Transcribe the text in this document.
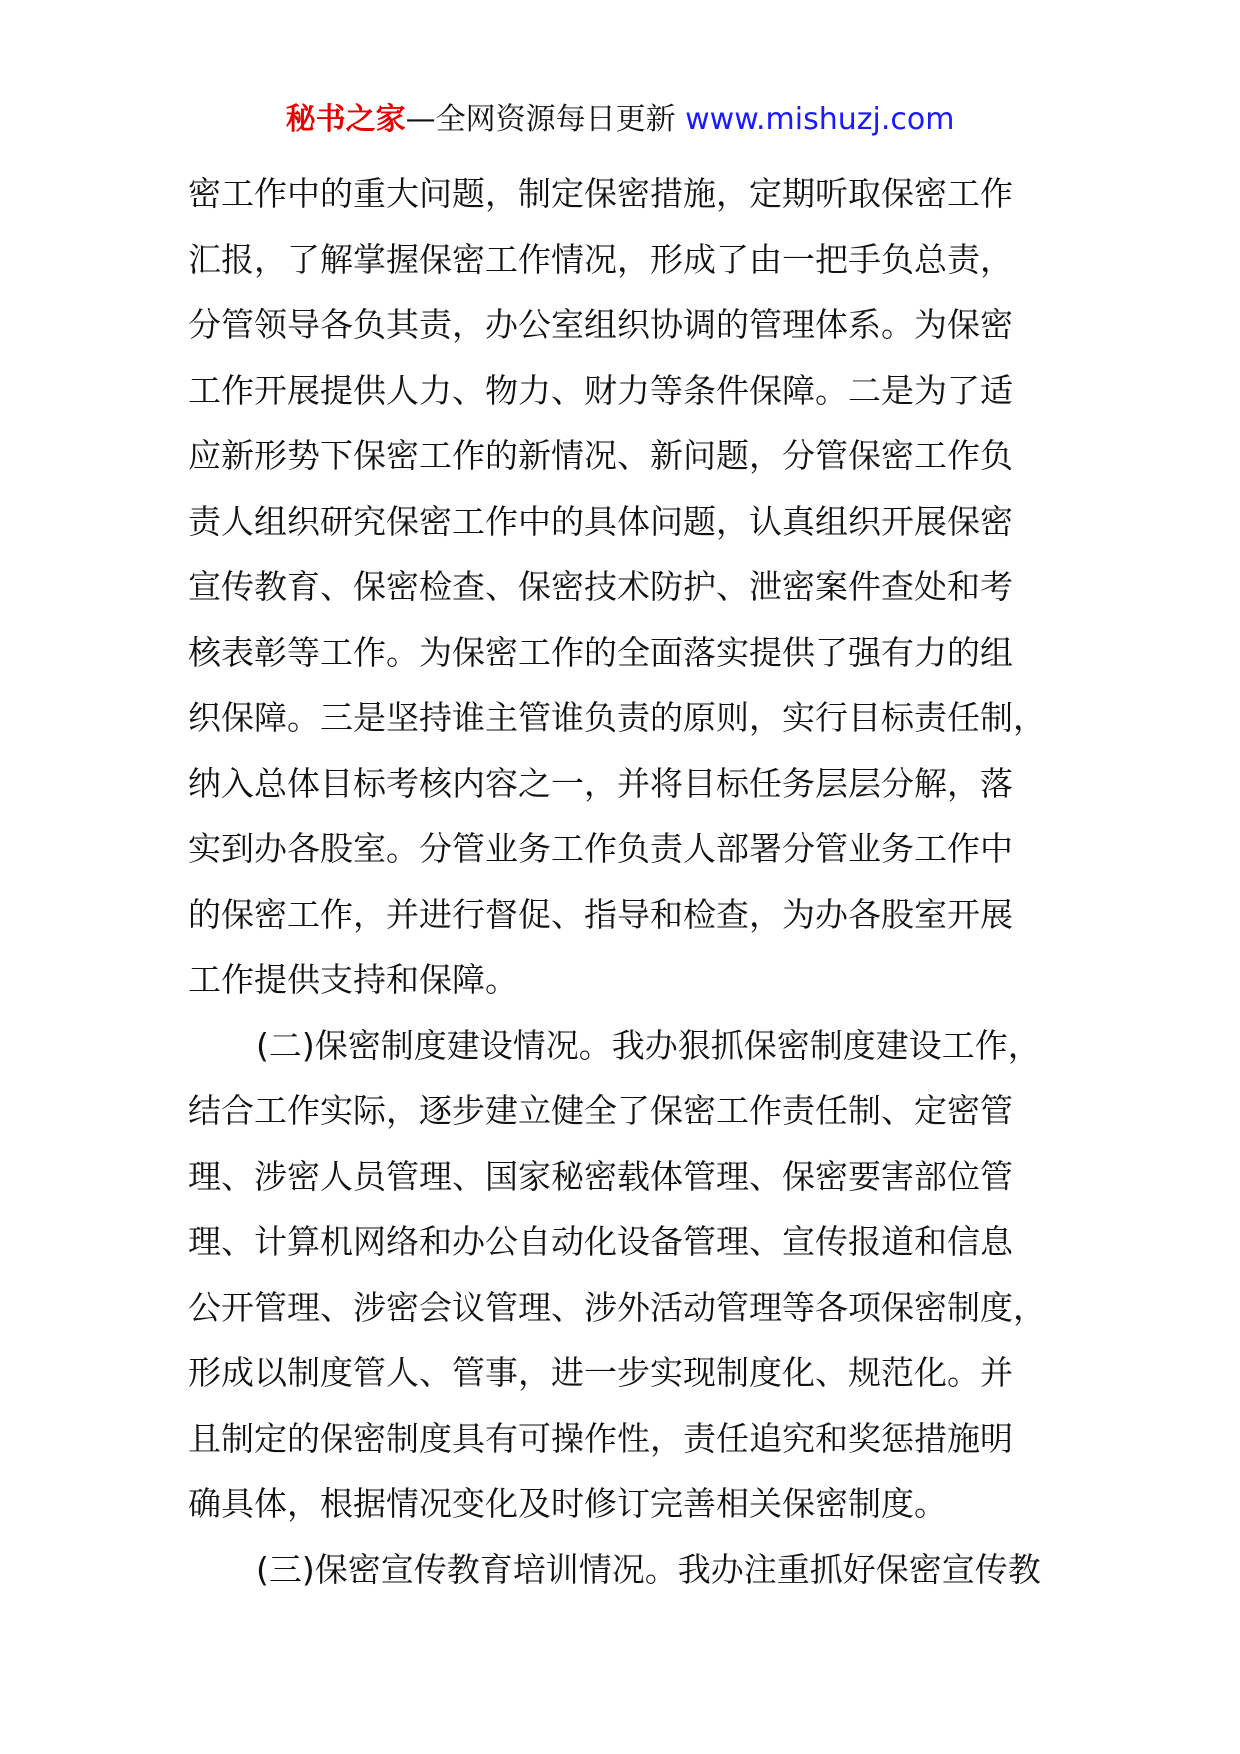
秘书之家—全网资源每日更新 www.mishuzj.com
密工作中的重大问题，制定保密措施，定期听取保密工作
汇报，了解掌握保密工作情况，形成了由一把手负总责，
分管领导各负其责，办公室组织协调的管理体系。为保密
工作开展提供人力、物力、财力等条件保障。二是为了适
应新形势下保密工作的新情况、新问题，分管保密工作负
责人组织研究保密工作中的具体问题，认真组织开展保密
宣传教育、保密检查、保密技术防护、泄密案件查处和考
核表彰等工作。为保密工作的全面落实提供了强有力的组
织保障。三是坚持谁主管谁负责的原则，实行目标责任制，
纳入总体目标考核内容之一，并将目标任务层层分解，落
实到办各股室。分管业务工作负责人部署分管业务工作中
的保密工作，并进行督促、指导和检查，为办各股室开展
工作提供支持和保障。
(二)保密制度建设情况。我办狠抓保密制度建设工作，
结合工作实际，逐步建立健全了保密工作责任制、定密管
理、涉密人员管理、国家秘密载体管理、保密要害部位管
理、计算机网络和办公自动化设备管理、宣传报道和信息
公开管理、涉密会议管理、涉外活动管理等各项保密制度，
形成以制度管人、管事，进一步实现制度化、规范化。并
且制定的保密制度具有可操作性，责任追究和奖惩措施明
确具体，根据情况变化及时修订完善相关保密制度。
(三)保密宣传教育培训情况。我办注重抓好保密宣传教
